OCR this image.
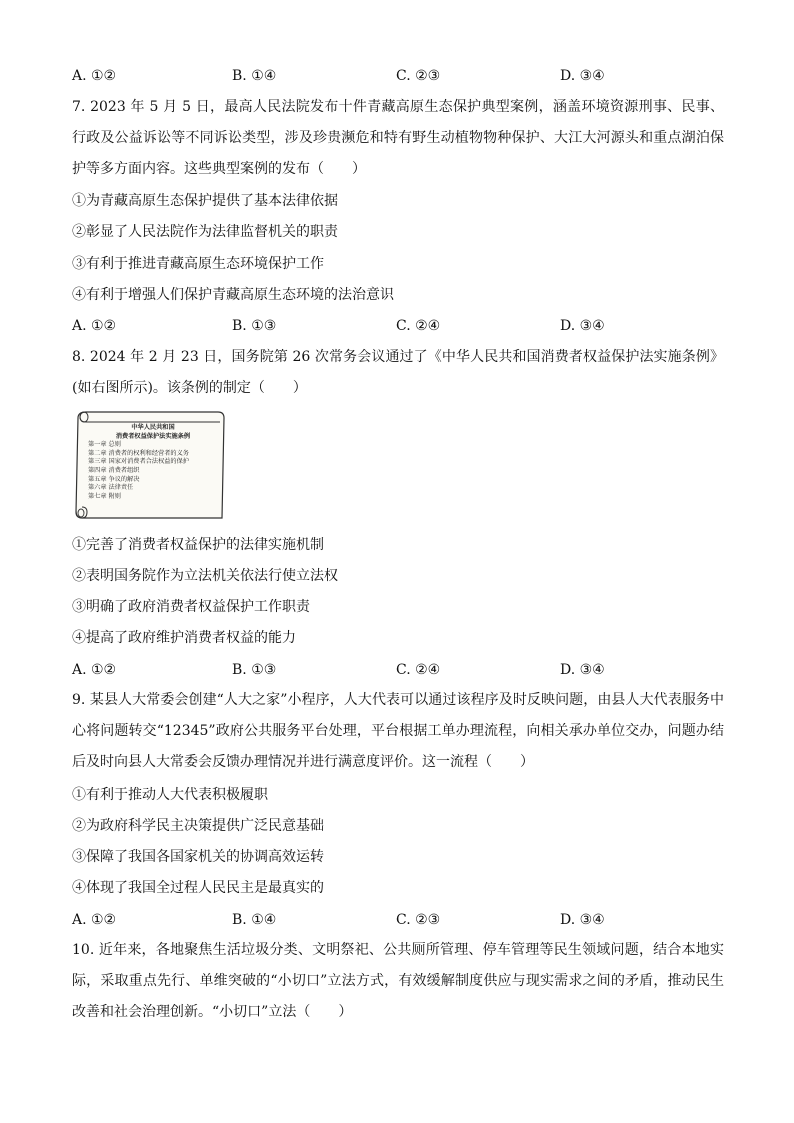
A. ①②	B. ①④	C. ②③	D. ③④
7. 2023 年 5 月 5 日，最高人民法院发布十件青藏高原生态保护典型案例，涵盖环境资源刑事、民事、行政及公益诉讼等不同诉讼类型，涉及珍贵濒危和特有野生动植物物种保护、大江大河源头和重点湖泊保护等多方面内容。这些典型案例的发布（　　）
①为青藏高原生态保护提供了基本法律依据
②彰显了人民法院作为法律监督机关的职责
③有利于推进青藏高原生态环境保护工作
④有利于增强人们保护青藏高原生态环境的法治意识
A. ①②	B. ①③	C. ②④	D. ③④
8. 2024 年 2 月 23 日，国务院第 26 次常务会议通过了《中华人民共和国消费者权益保护法实施条例》(如右图所示)。该条例的制定（　　）
中华人民共和国
消费者权益保护法实施条例
第一章 总则
第二章 消费者的权利和经营者的义务
第三章 国家对消费者合法权益的保护
第四章 消费者组织
第五章 争议的解决
第六章 法律责任
第七章 附则
①完善了消费者权益保护的法律实施机制
②表明国务院作为立法机关依法行使立法权
③明确了政府消费者权益保护工作职责
④提高了政府维护消费者权益的能力
A. ①②	B. ①③	C. ②④	D. ③④
9. 某县人大常委会创建“人大之家”小程序，人大代表可以通过该程序及时反映问题，由县人大代表服务中心将问题转交“12345”政府公共服务平台处理，平台根据工单办理流程，向相关承办单位交办，问题办结后及时向县人大常委会反馈办理情况并进行满意度评价。这一流程（　　）
①有利于推动人大代表积极履职
②为政府科学民主决策提供广泛民意基础
③保障了我国各国家机关的协调高效运转
④体现了我国全过程人民民主是最真实的
A. ①②	B. ①④	C. ②③	D. ③④
10. 近年来，各地聚焦生活垃圾分类、文明祭祀、公共厕所管理、停车管理等民生领域问题，结合本地实际，采取重点先行、单维突破的“小切口”立法方式，有效缓解制度供应与现实需求之间的矛盾，推动民生改善和社会治理创新。“小切口”立法（　　）
